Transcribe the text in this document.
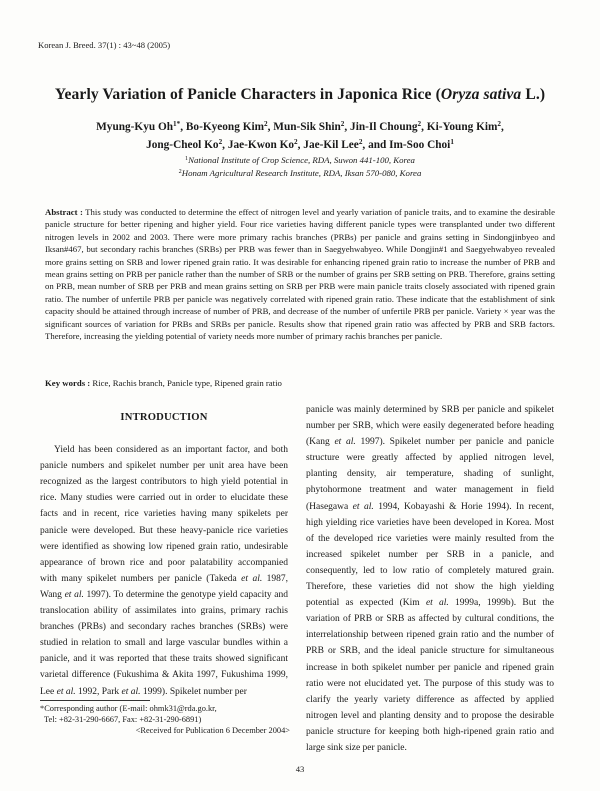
Korean J. Breed. 37(1) : 43~48 (2005)
Yearly Variation of Panicle Characters in Japonica Rice (Oryza sativa L.)
Myung-Kyu $Oh^{1*}$, Bo-Kyeong Kim$^2$, Mun-Sik Shin$^2$, Jin-Il Choung$^2$, Ki-Young Kim$^2$,
Jong-Cheol Ko$^2$, Jae-Kwon Ko$^2$, Jae-Kil Lee$^2$, and Im-Soo Choi$^1$
$^1$National Institute of Crop Science, RDA, Suwon 441-100, Korea
$^2$Honam Agricultural Research Institute, RDA, Iksan 570-080, Korea
Abstract : This study was conducted to determine the effect of nitrogen level and yearly variation of panicle traits, and to examine the desirable panicle structure for better ripening and higher yield. Four rice varieties having different panicle types were transplanted under two different nitrogen levels in 2002 and 2003. There were more primary rachis branches (PRBs) per panicle and grains setting in Sindongjinbyeo and Iksan#467, but secondary rachis branches (SRBs) per PRB was fewer than in Saegyehwabyeo. While Dongjin#1 and Saegyehwabyeo revealed more grains setting on SRB and lower ripened grain ratio. It was desirable for enhancing ripened grain ratio to increase the number of PRB and mean grains setting on PRB per panicle rather than the number of SRB or the number of grains per SRB setting on PRB. Therefore, grains setting on PRB, mean number of SRB per PRB and mean grains setting on SRB per PRB were main panicle traits closely associated with ripened grain ratio. The number of unfertile PRB per panicle was negatively correlated with ripened grain ratio. These indicate that the establishment of sink capacity should be attained through increase of number of PRB, and decrease of the number of unfertile PRB per panicle. Variety × year was the significant sources of variation for PRBs and SRBs per panicle. Results show that ripened grain ratio was affected by PRB and SRB factors. Therefore, increasing the yielding potential of variety needs more number of primary rachis branches per panicle.
Key words : Rice, Rachis branch, Panicle type, Ripened grain ratio
INTRODUCTION

Yield has been considered as an important factor, and both panicle numbers and spikelet number per unit area have been recognized as the largest contributors to high yield potential in rice. Many studies were carried out in order to elucidate these facts and in recent, rice varieties having many spikelets per panicle were developed. But these heavy-panicle rice varieties were identified as showing low ripened grain ratio, undesirable appearance of brown rice and poor palatability accompanied with many spikelet numbers per panicle (Takeda et al. 1987, Wang et al. 1997). To determine the genotype yield capacity and translocation ability of assimilates into grains, primary rachis branches (PRBs) and secondary raches branches (SRBs) were studied in relation to small and large vascular bundles within a panicle, and it was reported that these traits showed significant varietal difference (Fukushima & Akita 1997, Fukushima 1999, Lee et al. 1992, Park et al. 1999). Spikelet number per

panicle was mainly determined by SRB per panicle and spikelet number per SRB, which were easily degenerated before heading (Kang et al. 1997). Spikelet number per panicle and panicle structure were greatly affected by applied nitrogen level, planting density, air temperature, shading of sunlight, phytohormone treatment and water management in field (Hasegawa et al. 1994, Kobayashi & Horie 1994). In recent, high yielding rice varieties have been developed in Korea. Most of the developed rice varieties were mainly resulted from the increased spikelet number per SRB in a panicle, and consequently, led to low ratio of completely matured grain. Therefore, these varieties did not show the high yielding potential as expected (Kim et al. 1999a, 1999b). But the variation of PRB or SRB as affected by cultural conditions, the interrelationship between ripened grain ratio and the number of PRB or SRB, and the ideal panicle structure for simultaneous increase in both spikelet number per panicle and ripened grain ratio were not elucidated yet. The purpose of this study was to clarify the yearly variety difference as affected by applied nitrogen level and planting density and to propose the desirable panicle structure for keeping both high-ripened grain ratio and large sink size per panicle.

*Corresponding author (E-mail: ohmk31@rda.go.kr,
Tel: +82-31-290-6667, Fax: +82-31-290-6891)
<Received for Publication 6 December 2004>
43
